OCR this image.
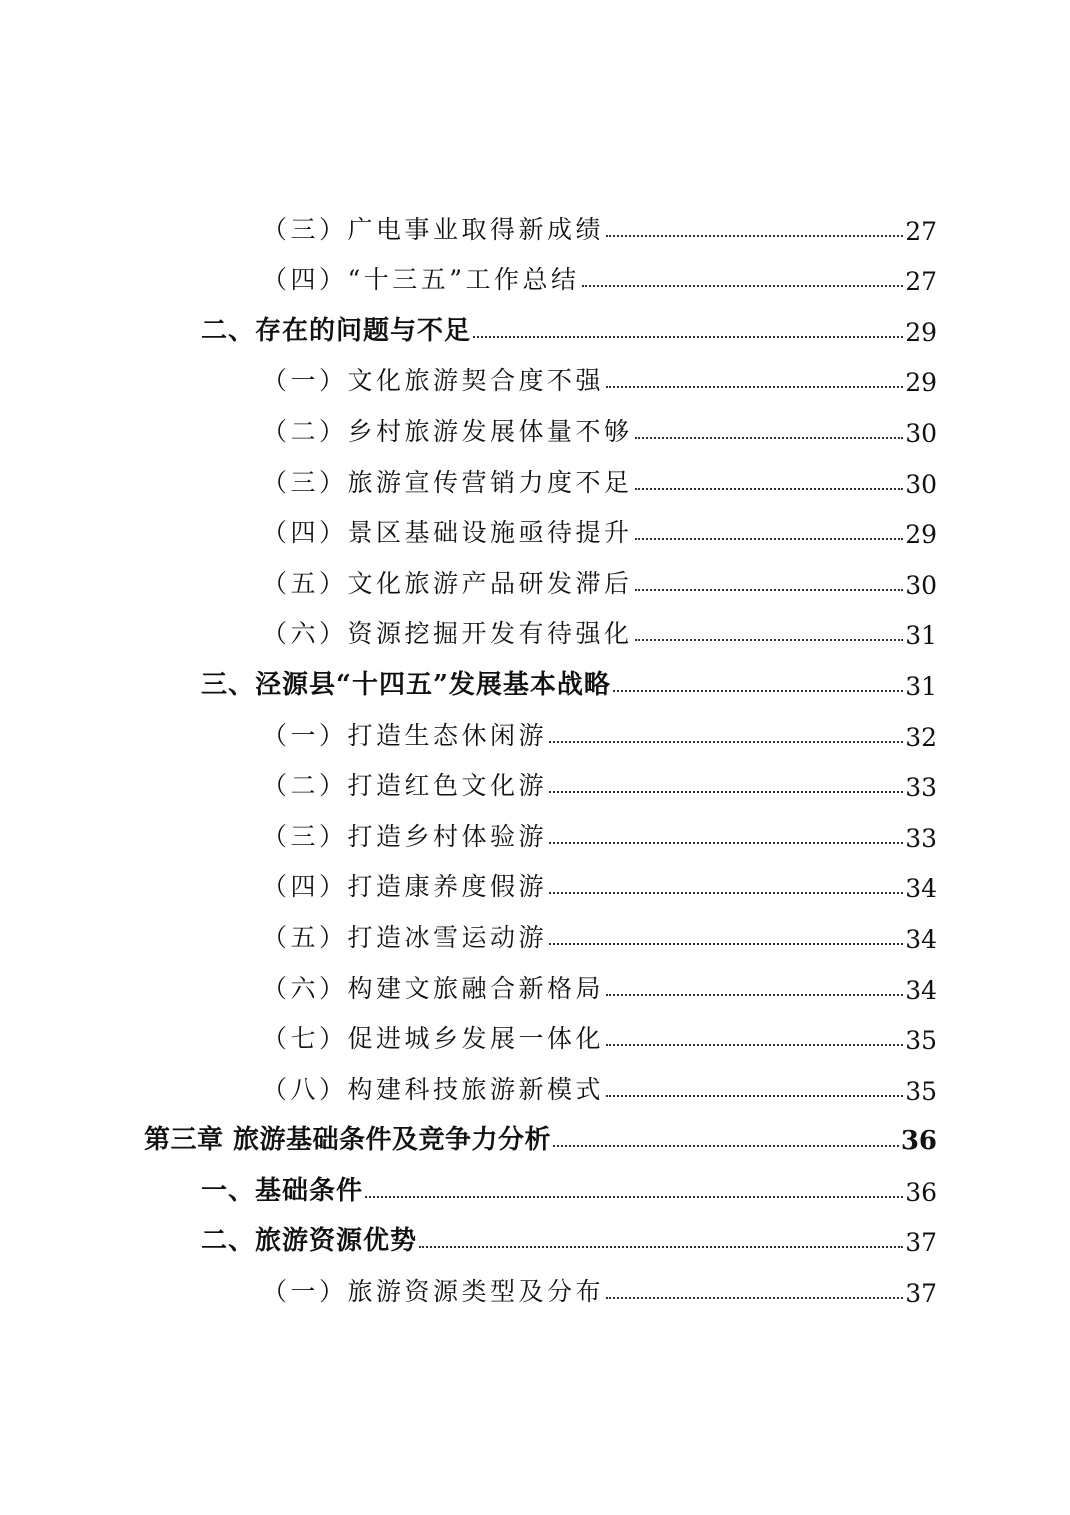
（三）广电事业取得新成绩	27
（四）“十三五”工作总结	27
二、存在的问题与不足	29
（一）文化旅游契合度不强	29
（二）乡村旅游发展体量不够	30
（三）旅游宣传营销力度不足	30
（四）景区基础设施亟待提升	29
（五）文化旅游产品研发滞后	30
（六）资源挖掘开发有待强化	31
三、泾源县“十四五”发展基本战略	31
（一）打造生态休闲游	32
（二）打造红色文化游	33
（三）打造乡村体验游	33
（四）打造康养度假游	34
（五）打造冰雪运动游	34
（六）构建文旅融合新格局	34
（七）促进城乡发展一体化	35
（八）构建科技旅游新模式	35
第三章 旅游基础条件及竞争力分析	36
一、基础条件	36
二、旅游资源优势	37
（一）旅游资源类型及分布	37
